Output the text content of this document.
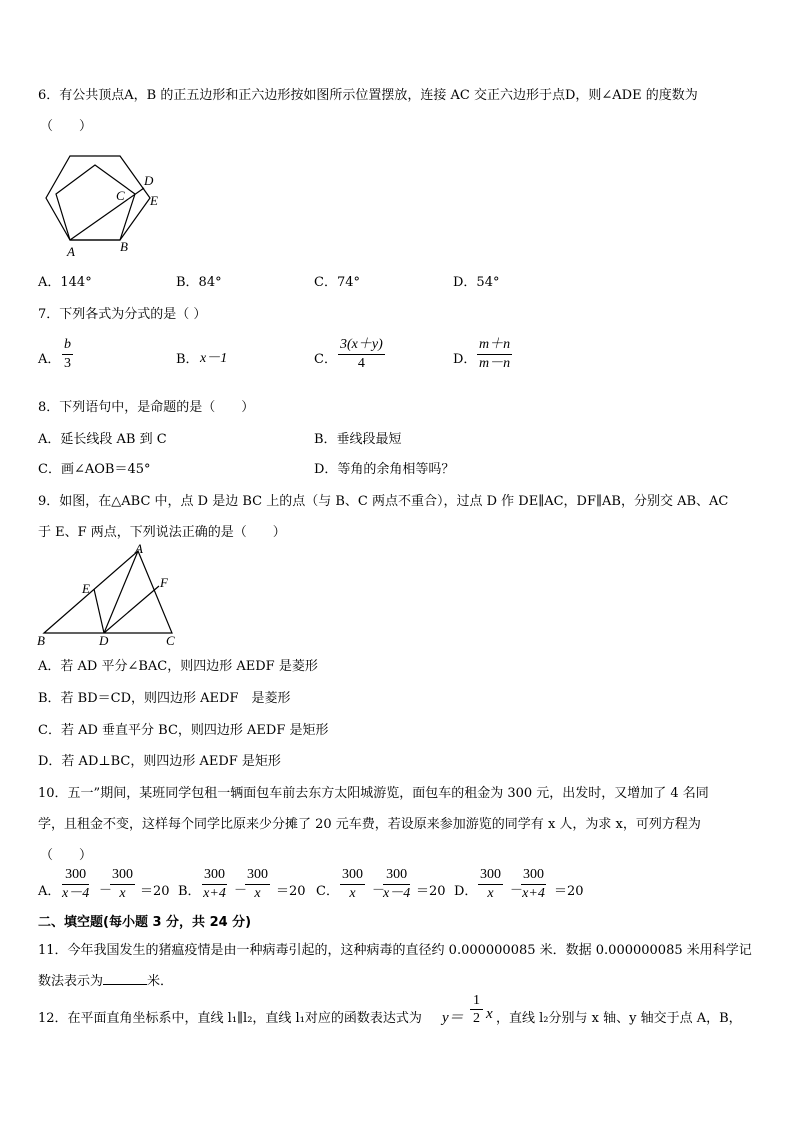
6．有公共顶点A，B 的正五边形和正六边形按如图所示位置摆放，连接 AC 交正六边形于点D，则∠ADE 的度数为
（　　）
A	B
C
D
E
A．144°	B．84°	C．74°	D．54°
7．下列各式为分式的是（ ）
A． $\frac{b}{3}$	B． x－1	C． $\frac{3(x+y)}{4}$	D． $\frac{m+n}{m-n}$
8．下列语句中，是命题的是（　　）
A．延长线段 AB 到 C	B．垂线段最短
C．画∠AOB＝45°	D．等角的余角相等吗？
9．如图，在△ABC 中，点 D 是边 BC 上的点（与 B、C 两点不重合），过点 D 作 DE∥AC，DF∥AB，分别交 AB、AC
于 E、F 两点，下列说法正确的是（　　）
A
B	C
D
E	F
A．若 AD 平分∠BAC，则四边形 AEDF 是菱形
B．若 BD＝CD，则四边形 AEDF　是菱形
C．若 AD 垂直平分 BC，则四边形 AEDF 是矩形
D．若 AD⊥BC，则四边形 AEDF 是矩形
10．五一”期间，某班同学包租一辆面包车前去东方太阳城游览，面包车的租金为 300 元，出发时，又增加了 4 名同
学，且租金不变，这样每个同学比原来少分摊了 20 元车费，若设原来参加游览的同学有 x 人，为求 x，可列方程为
（　　）
A． $\frac{300}{x-4}$ －
$\frac{300}{x} =20$ B． $\frac{300}{x+4}$ －
$\frac{300}{x} =20$ C． $\frac{300}{x}$ －
$\frac{300}{x-4} =20$ D． $\frac{300}{x}$ －
$\frac{300}{x+4} =20$
二、填空题(每小题 3 分，共 24 分)
11．今年我国发生的猪瘟疫情是由一种病毒引起的，这种病毒的直径约 0.000000085 米．数据 0.000000085 米用科学记
数法表示为	米．
12．在平面直角坐标系中，直线 l₁∥l₂，直线 l₁对应的函数表达式为 $y= \frac{1}{2}$ x ，直线 l₂分别与 x 轴、y 轴交于点 A，B，
